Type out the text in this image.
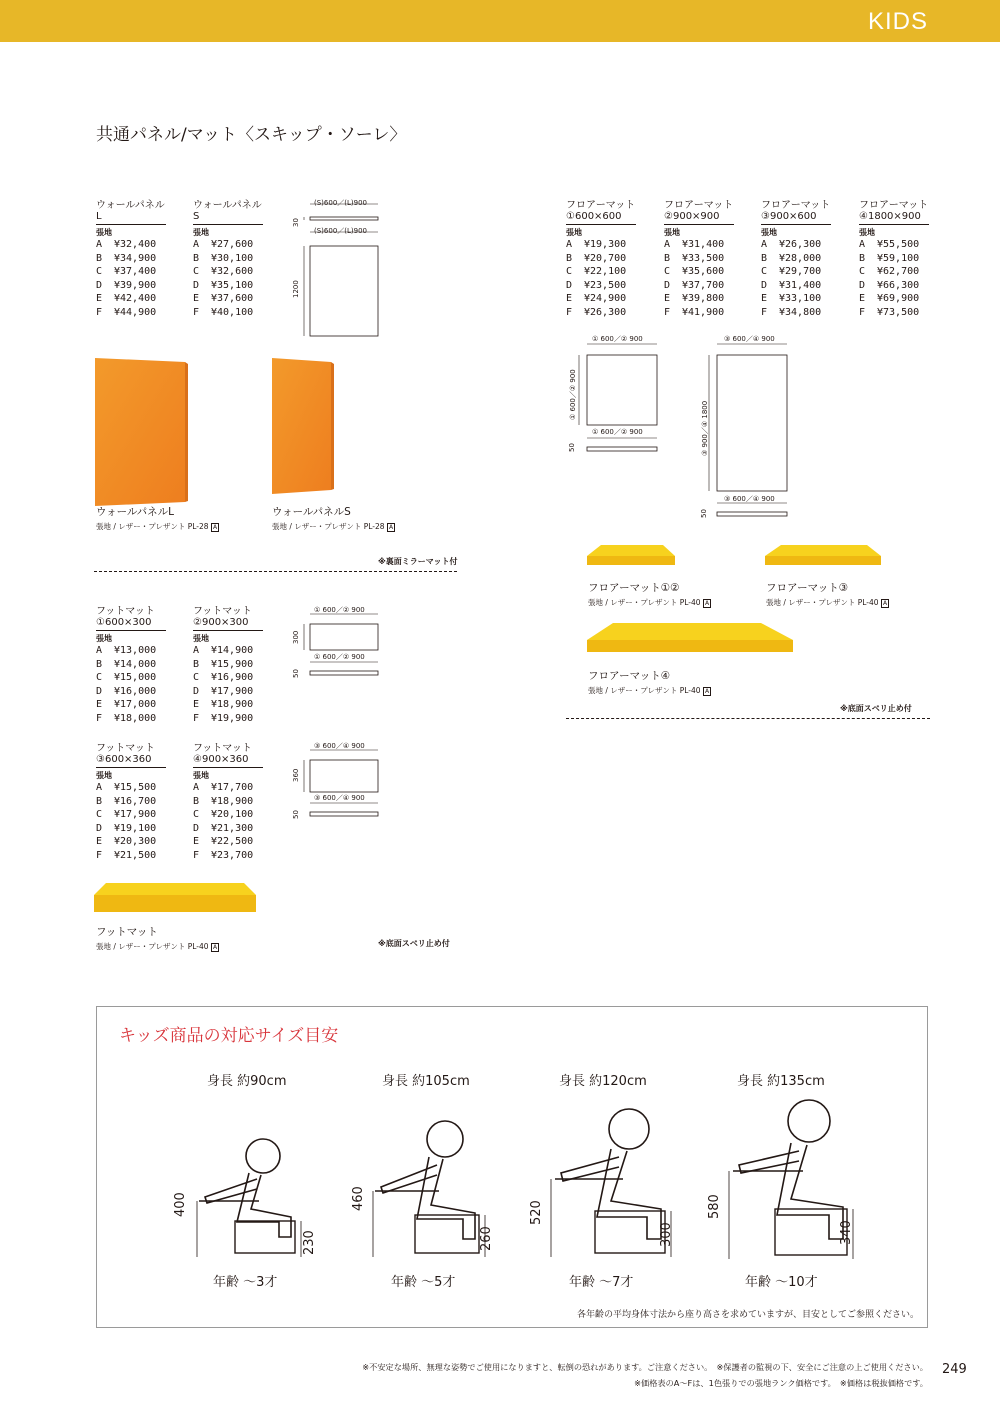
KIDS
共通パネル/マット〈スキップ・ソーレ〉
ウォールパネルL
張地
A	¥32,400
B	¥34,900
C	¥37,400
D	¥39,900
E	¥42,400
F	¥44,900
ウォールパネルS
張地
A	¥27,600
B	¥30,100
C	¥32,600
D	¥35,100
E	¥37,600
F	¥40,100
(S)600／(L)900
(S)600／(L)900
30
1200
ウォールパネルL
張地 / レザー・プレザント PL-28 A
ウォールパネルS
張地 / レザー・プレザント PL-28 A
※裏面ミラーマット付
フロアーマット
①600×600
張地
A	¥19,300
B	¥20,700
C	¥22,100
D	¥23,500
E	¥24,900
F	¥26,300
フロアーマット
②900×900
張地
A	¥31,400
B	¥33,500
C	¥35,600
D	¥37,700
E	¥39,800
F	¥41,900
フロアーマット
③900×600
張地
A	¥26,300
B	¥28,000
C	¥29,700
D	¥31,400
E	¥33,100
F	¥34,800
フロアーマット
④1800×900
張地
A	¥55,500
B	¥59,100
C	¥62,700
D	¥66,300
E	¥69,900
F	¥73,500
① 600／② 900
① 600／② 900
① 600／② 900
50
③ 600／④ 900
③ 900／④ 1800
③ 600／④ 900
50
フロアーマット①②
張地 / レザー・プレザント PL-40 A
フロアーマット③
張地 / レザー・プレザント PL-40 A
フロアーマット④
張地 / レザー・プレザント PL-40 A
※底面スベリ止め付
フットマット
①600×300
張地
A	¥13,000
B	¥14,000
C	¥15,000
D	¥16,000
E	¥17,000
F	¥18,000
フットマット
②900×300
張地
A	¥14,900
B	¥15,900
C	¥16,900
D	¥17,900
E	¥18,900
F	¥19,900
フットマット
③600×360
張地
A	¥15,500
B	¥16,700
C	¥17,900
D	¥19,100
E	¥20,300
F	¥21,500
フットマット
④900×360
張地
A	¥17,700
B	¥18,900
C	¥20,100
D	¥21,300
E	¥22,500
F	¥23,700
① 600／② 900
300
① 600／② 900
50
③ 600／④ 900
360
③ 600／④ 900
50
フットマット
張地 / レザー・プレザント PL-40 A	※底面スベリ止め付
キッズ商品の対応サイズ目安
身長 約90cm	身長 約105cm	身長 約120cm	身長 約135cm
400
230
年齢 ～3才
460
260
年齢 ～5才
520
300
年齢 ～7才
580
340
年齢 ～10才
各年齢の平均身体寸法から座り高さを求めていますが、目安としてご参照ください。
※不安定な場所、無理な姿勢でご使用になりますと、転倒の恐れがあります。ご注意ください。　※保護者の監視の下、安全にご注意の上ご使用ください。
※価格表のA～Fは、1色張りでの張地ランク価格です。　※価格は税抜価格です。
249
